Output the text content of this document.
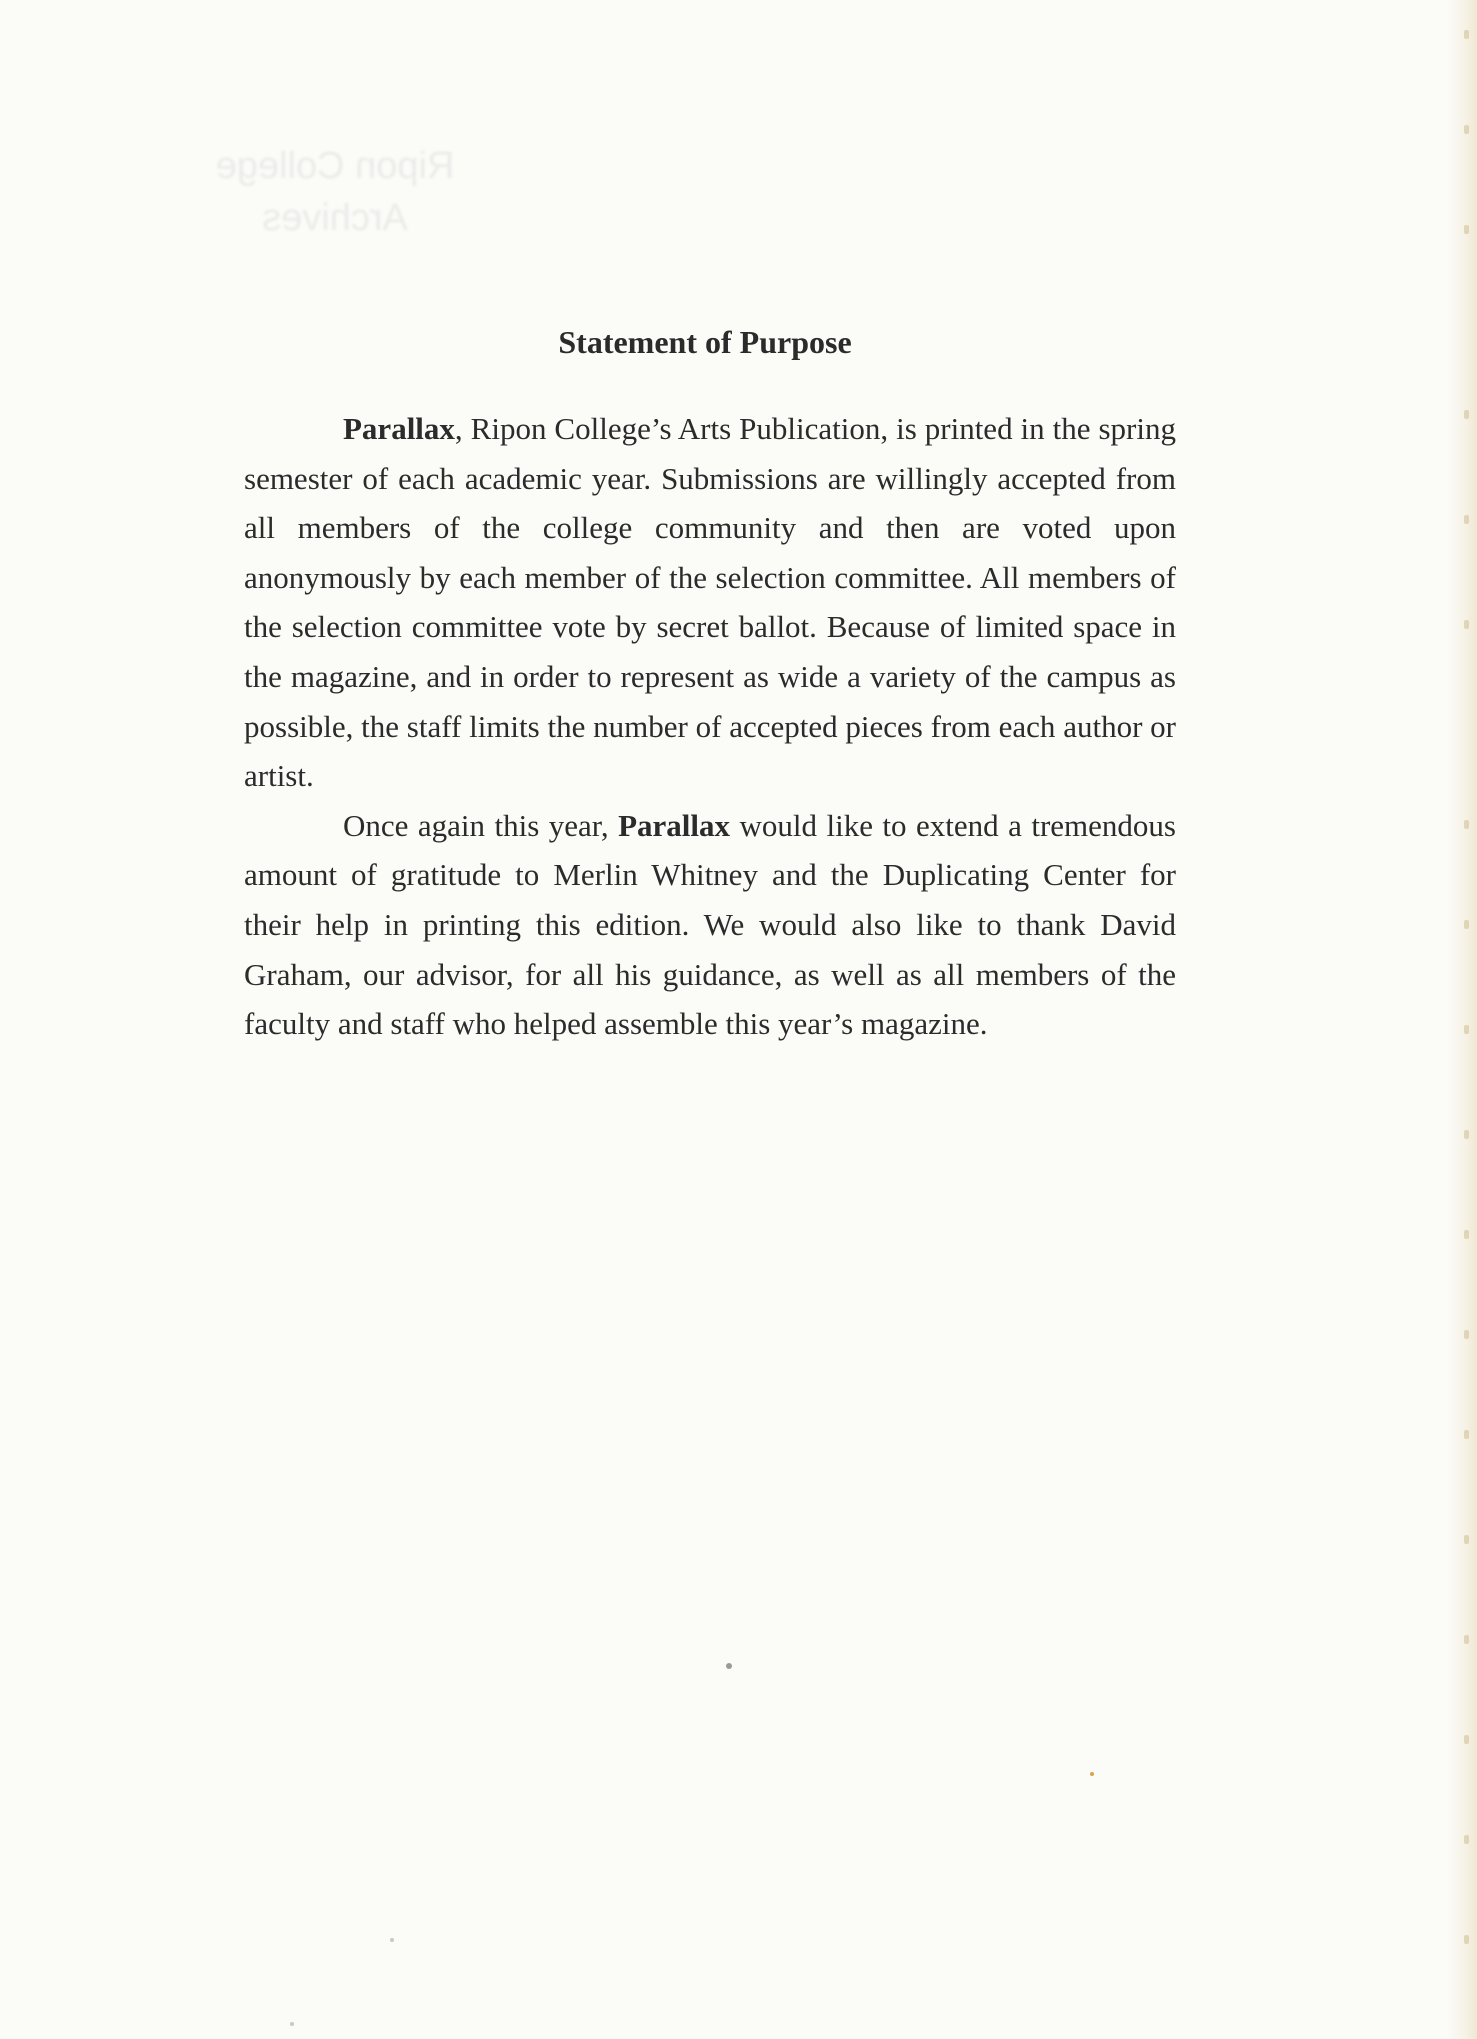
Ripon College
Archives
Statement of Purpose

Parallax, Ripon College’s Arts Publication, is printed in the spring semester of each academic year. Submissions are willingly accepted from all members of the college community and then are voted upon anonymously by each member of the selection committee. All members of the selection committee vote by secret ballot. Because of limited space in the magazine, and in order to represent as wide a variety of the campus as possible, the staff limits the number of accepted pieces from each author or artist.

Once again this year, Parallax would like to extend a tremendous amount of gratitude to Merlin Whitney and the Duplicating Center for their help in printing this edition. We would also like to thank David Graham, our advisor, for all his guidance, as well as all members of the faculty and staff who helped assemble this year’s magazine.
